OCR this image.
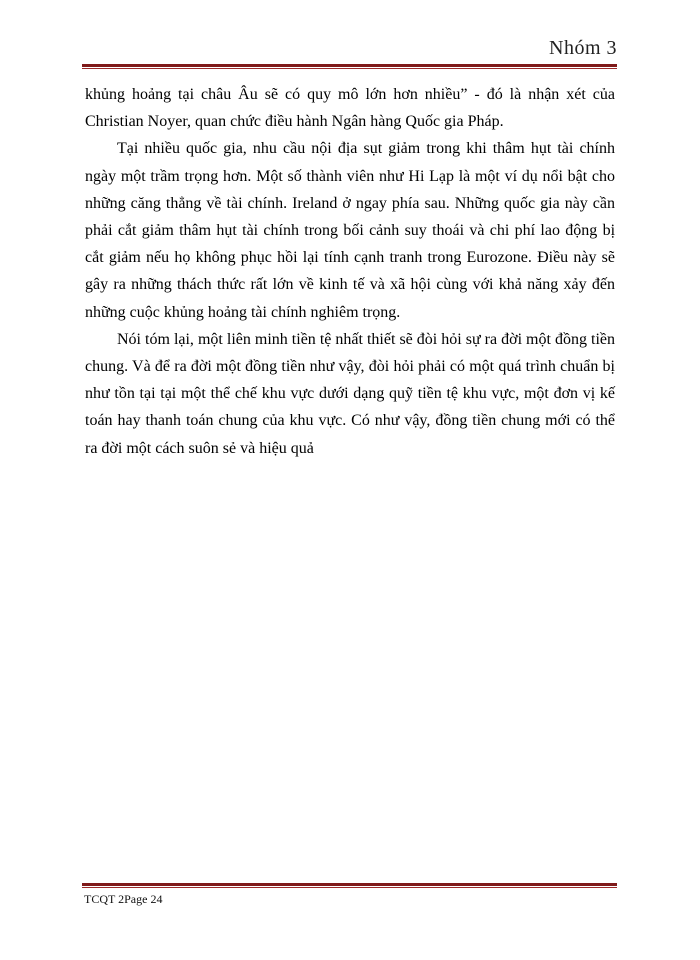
Nhóm 3

khủng hoảng tại châu Âu sẽ có quy mô lớn hơn nhiều” - đó là nhận xét của Christian Noyer, quan chức điều hành Ngân hàng Quốc gia Pháp.

Tại nhiều quốc gia, nhu cầu nội địa sụt giảm trong khi thâm hụt tài chính ngày một trầm trọng hơn. Một số thành viên như Hi Lạp là một ví dụ nổi bật cho những căng thẳng về tài chính. Ireland ở ngay phía sau. Những quốc gia này cần phải cắt giảm thâm hụt tài chính trong bối cảnh suy thoái và chi phí lao động bị cắt giảm nếu họ không phục hồi lại tính cạnh tranh trong Eurozone. Điều này sẽ gây ra những thách thức rất lớn về kinh tế và xã hội cùng với khả năng xảy đến những cuộc khủng hoảng tài chính nghiêm trọng.

Nói tóm lại, một liên minh tiền tệ nhất thiết sẽ đòi hỏi sự ra đời một đồng tiền chung. Và để ra đời một đồng tiền như vậy, đòi hỏi phải có một quá trình chuẩn bị như tồn tại tại một thể chế khu vực dưới dạng quỹ tiền tệ khu vực, một đơn vị kế toán hay thanh toán chung của khu vực. Có như vậy, đồng tiền chung mới có thể ra đời một cách suôn sẻ và hiệu quả

TCQT 2Page 24
